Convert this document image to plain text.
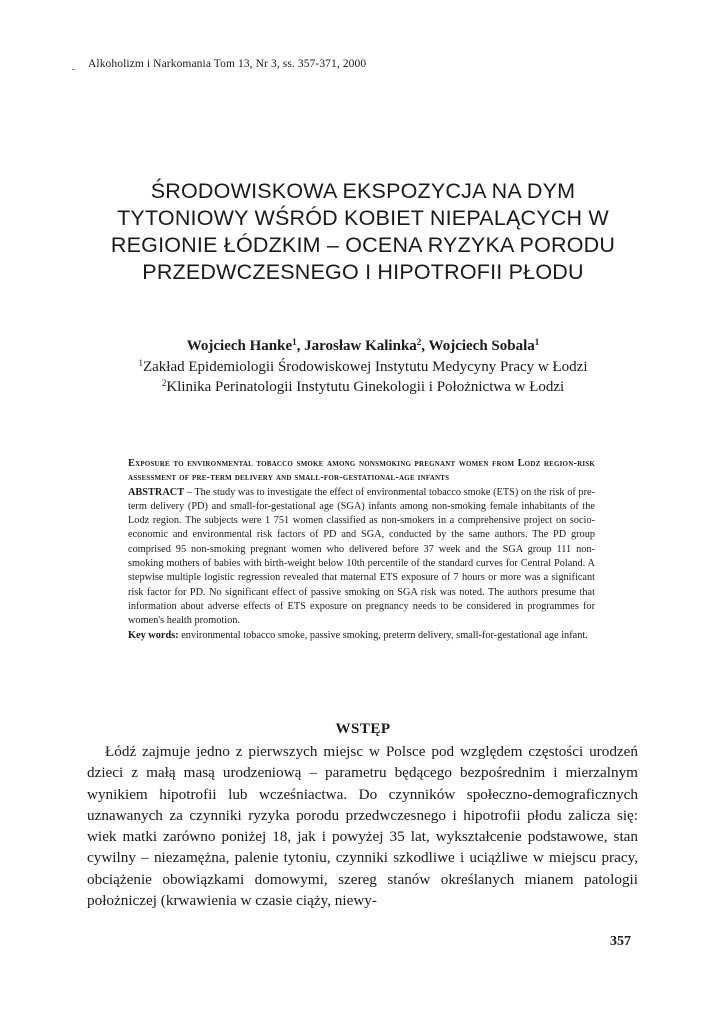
Alkoholizm i Narkomania Tom 13, Nr 3, ss. 357-371, 2000
ŚRODOWISKOWA EKSPOZYCJA NA DYM
TYTONIOWY WŚRÓD KOBIET NIEPALĄCYCH W
REGIONIE ŁÓDZKIM – OCENA RYZYKA PORODU
PRZEDWCZESNEGO I HIPOTROFII PŁODU
Wojciech Hanke$^1$, Jarosław Kalinka$^2$, Wojciech Sobala$^1$
$^1$Zakład Epidemiologii Środowiskowej Instytutu Medycyny Pracy w Łodzi
$^2$Klinika Perinatologii Instytutu Ginekologii i Położnictwa w Łodzi
Exposure to environmental tobacco smoke among nonsmoking pregnant women from Lodz region-risk assessment of pre-term delivery and small-for-gestational-age infants
ABSTRACT – The study was to investigate the effect of environmental tobacco smoke (ETS) on the risk of pre-term delivery (PD) and small-for-gestational age (SGA) infants among non-smoking female inhabitants of the Lodz region. The subjects were 1 751 women classified as non-smokers in a comprehensive project on socio-economic and environmental risk factors of PD and SGA, conducted by the same authors. The PD group comprised 95 non-smoking pregnant women who delivered before 37 week and the SGA group 111 non-smoking mothers of babies with birth-weight below 10th percentile of the standard curves for Central Poland. A stepwise multiple logistic regression revealed that maternal ETS exposure of 7 hours or more was a significant risk factor for PD. No significant effect of passive smoking on SGA risk was noted. The authors presume that information about adverse effects of ETS exposure on pregnancy needs to be considered in programmes for women's health promotion.
Key words: environmental tobacco smoke, passive smoking, preterm delivery, small-for-gestational age infant.
WSTĘP

Łódź zajmuje jedno z pierwszych miejsc w Polsce pod względem częstości urodzeń dzieci z małą masą urodzeniową – parametru będącego bezpośrednim i mierzalnym wynikiem hipotrofii lub wcześniactwa. Do czynników społeczno-demograficznych uznawanych za czynniki ryzyka porodu przedwczesnego i hipotrofii płodu zalicza się: wiek matki zarówno poniżej 18, jak i powyżej 35 lat, wykształcenie podstawowe, stan cywilny – niezamężna, palenie tytoniu, czynniki szkodliwe i uciążliwe w miejscu pracy, obciążenie obowiązkami domowymi, szereg stanów określanych mianem patologii położniczej (krwawienia w czasie ciąży, niewy-

357
